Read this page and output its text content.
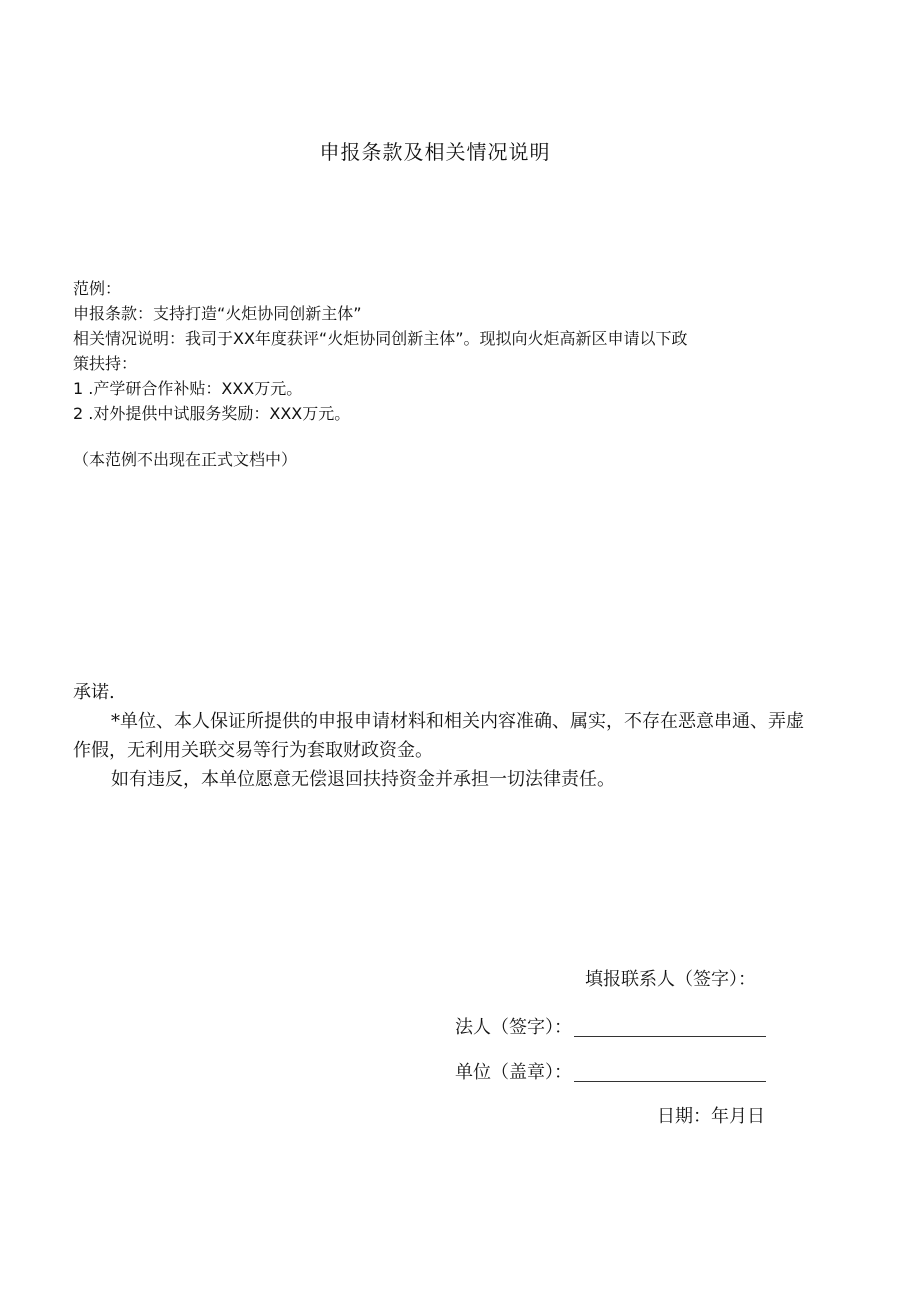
申报条款及相关情况说明

范例：

申报条款：支持打造“火炬协同创新主体”

相关情况说明：我司于XX年度获评“火炬协同创新主体”。现拟向火炬高新区申请以下政

策扶持：

1 .产学研合作补贴：XXX万元。

2 .对外提供中试服务奖励：XXX万元。

（本范例不出现在正式文档中）

承诺.

*单位、本人保证所提供的申报申请材料和相关内容准确、属实，不存在恶意串通、弄虚作假，无利用关联交易等行为套取财政资金。

如有违反，本单位愿意无偿退回扶持资金并承担一切法律责任。

填报联系人（签字）：
法人（签字）：
单位（盖章）：
日期：年月日
